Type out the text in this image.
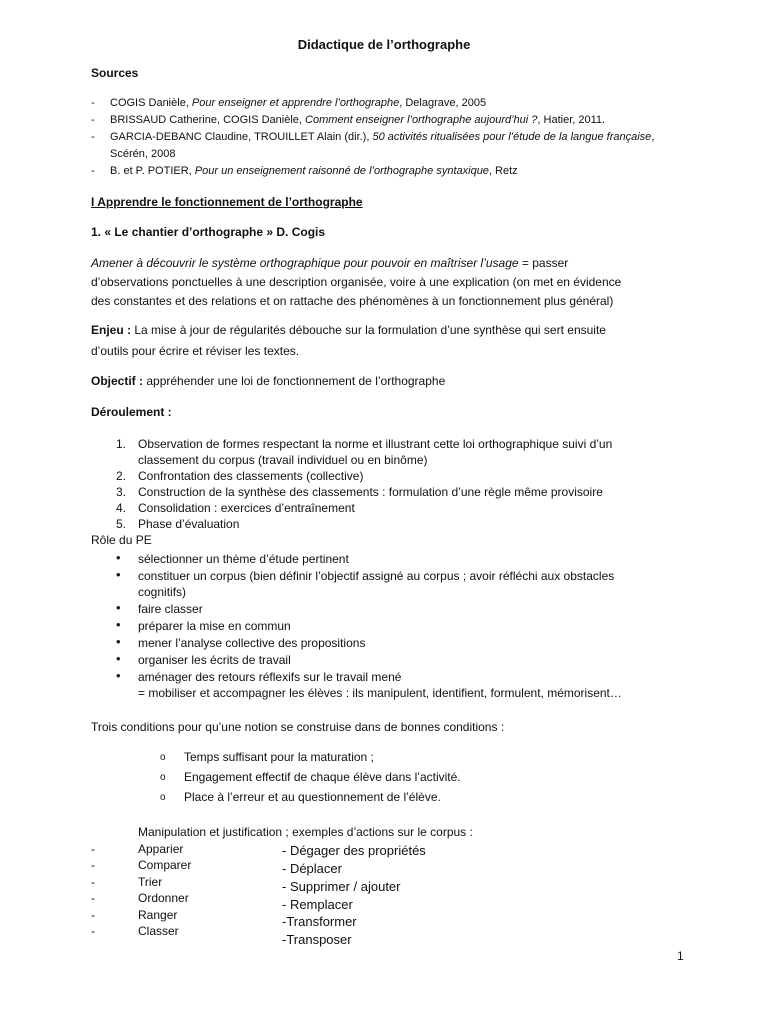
Didactique de l’orthographe
Sources
- COGIS Danièle, Pour enseigner et apprendre l’orthographe, Delagrave, 2005
- BRISSAUD Catherine, COGIS Danièle, Comment enseigner l’orthographe aujourd’hui ?, Hatier, 2011.
- GARCIA-DEBANC Claudine, TROUILLET Alain (dir.), 50 activités ritualisées pour l’étude de la langue française,
Scérén, 2008
- B. et P. POTIER, Pour un enseignement raisonné de l’orthographe syntaxique, Retz
I Apprendre le fonctionnement de l’orthographe
1. « Le chantier d’orthographe » D. Cogis
Amener à découvrir le système orthographique pour pouvoir en maîtriser l’usage = passer
d’observations ponctuelles à une description organisée, voire à une explication (on met en évidence
des constantes et des relations et on rattache des phénomènes à un fonctionnement plus général)
Enjeu : La mise à jour de régularités débouche sur la formulation d’une synthèse qui sert ensuite
d’outils pour écrire et réviser les textes.
Objectif : appréhender une loi de fonctionnement de l’orthographe
Déroulement :
1. Observation de formes respectant la norme et illustrant cette loi orthographique suivi d’un
classement du corpus (travail individuel ou en binôme)
2. Confrontation des classements (collective)
3. Construction de la synthèse des classements : formulation d’une règle même provisoire
4. Consolidation : exercices d’entraînement
5. Phase d’évaluation
Rôle du PE
• sélectionner un thème d’étude pertinent
• constituer un corpus (bien définir l’objectif assigné au corpus ; avoir réfléchi aux obstacles
cognitifs)
• faire classer
• préparer la mise en commun
• mener l’analyse collective des propositions
• organiser les écrits de travail
• aménager des retours réflexifs sur le travail mené
= mobiliser et accompagner les élèves : ils manipulent, identifient, formulent, mémorisent…
Trois conditions pour qu’une notion se construise dans de bonnes conditions :
o Temps suffisant pour la maturation ;
o Engagement effectif de chaque élève dans l’activité.
o Place à l’erreur et au questionnement de l’élève.
Manipulation et justification ; exemples d’actions sur le corpus :
-	Apparier
-	Comparer
-	Trier
-	Ordonner
-	Ranger
-	Classer
- Dégager des propriétés
- Déplacer
- Supprimer / ajouter
- Remplacer
-Transformer
-Transposer
1
